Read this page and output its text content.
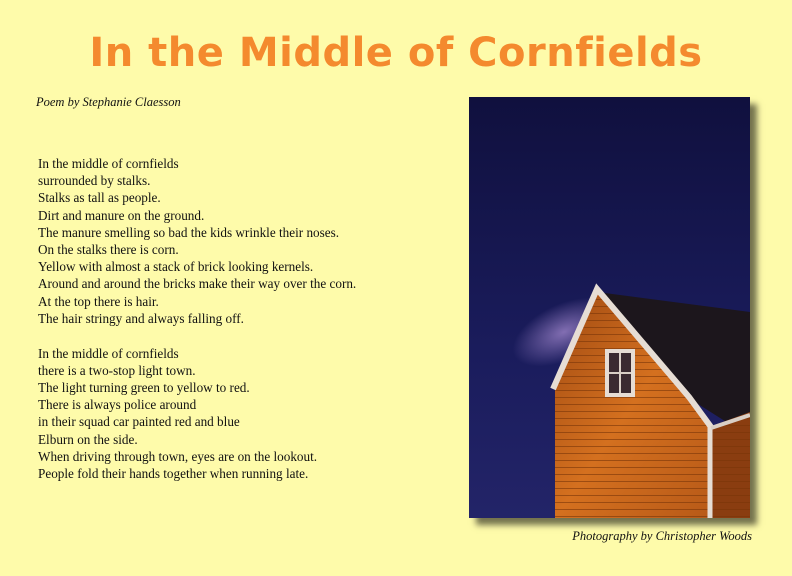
In the Middle of Cornfields
Poem by Stephanie Claesson
In the middle of cornfields
surrounded by stalks.
Stalks as tall as people.
Dirt and manure on the ground.
The manure smelling so bad the kids wrinkle their noses.
On the stalks there is corn.
Yellow with almost a stack of brick looking kernels.
Around and around the bricks make their way over the corn.
At the top there is hair.
The hair stringy and always falling off.
In the middle of cornfields
there is a two-stop light town.
The light turning green to yellow to red.
There is always police around
in their squad car painted red and blue
Elburn on the side.
When driving through town, eyes are on the lookout.
People fold their hands together when running late.
Photography by Christopher Woods
